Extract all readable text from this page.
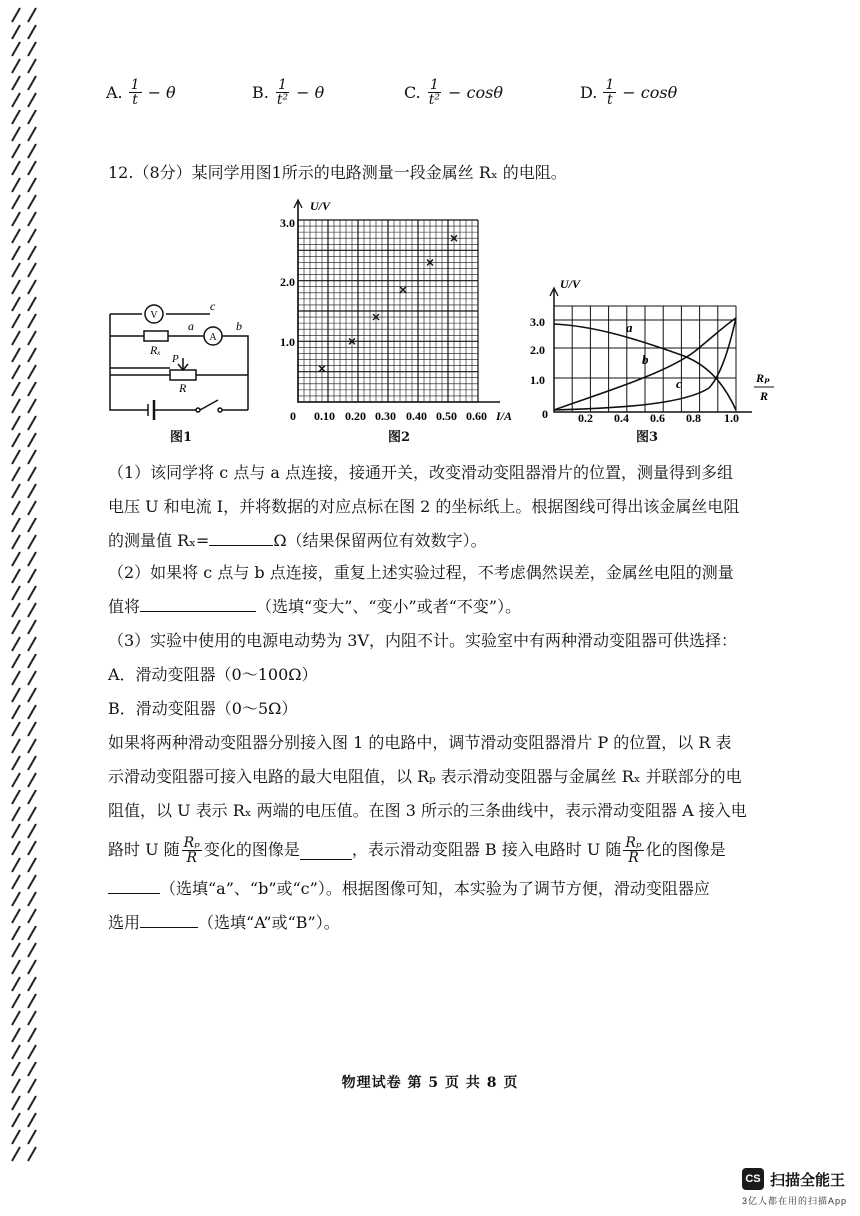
A. $\frac{1}{t} - \theta$	B. $\frac{1}{\text{t²}} - \theta$	C. $\frac{1}{\text{t²}} - \cos\theta$	D. $\frac{1}{t} - \cos\theta$
12.（8分）某同学用图1所示的电路测量一段金属丝 Rₓ 的电阻。
V
A
a	b
c
Rₓ
P
R
图1
U/V
3.0
2.0
1.0
0 0.10 0.20 0.30 0.40 0.50 0.60 I/A
图2
U/V
3.0
2.0
1.0
0	0.2 0.4 0.6 0.8 1.0
a
b
c	Rₚ
R
图3
（1）该同学将 c 点与 a 点连接，接通开关，改变滑动变阻器滑片的位置，测量得到多组
电压 U 和电流 I，并将数据的对应点标在图 2 的坐标纸上。根据图线可得出该金属丝电阻
的测量值 Rₓ=	Ω（结果保留两位有效数字）。
（2）如果将 c 点与 b 点连接，重复上述实验过程，不考虑偶然误差，金属丝电阻的测量
值将	（选填“变大”、“变小”或者“不变”）。
（3）实验中使用的电源电动势为 3V，内阻不计。实验室中有两种滑动变阻器可供选择：
A．滑动变阻器（0～100Ω）
B．滑动变阻器（0～5Ω）
如果将两种滑动变阻器分别接入图 1 的电路中，调节滑动变阻器滑片 P 的位置，以 R 表
示滑动变阻器可接入电路的最大电阻值，以 Rₚ 表示滑动变阻器与金属丝 Rₓ 并联部分的电
阻值，以 U 表示 Rₓ 两端的电压值。在图 3 所示的三条曲线中，表示滑动变阻器 A 接入电
路时 U 随 $\frac{\text{Rₚ}}{R}$ 变化的图像是	，表示滑动变阻器 B 接入电路时 U 随 $\frac{\text{Rₚ}}{R}$ 化的图像是
（选填“a”、“b”或“c”）。根据图像可知，本实验为了调节方便，滑动变阻器应
选用	（选填“A”或“B”）。
物理试卷 第 5 页 共 8 页
CS 扫描全能王
3亿人都在用的扫描App
